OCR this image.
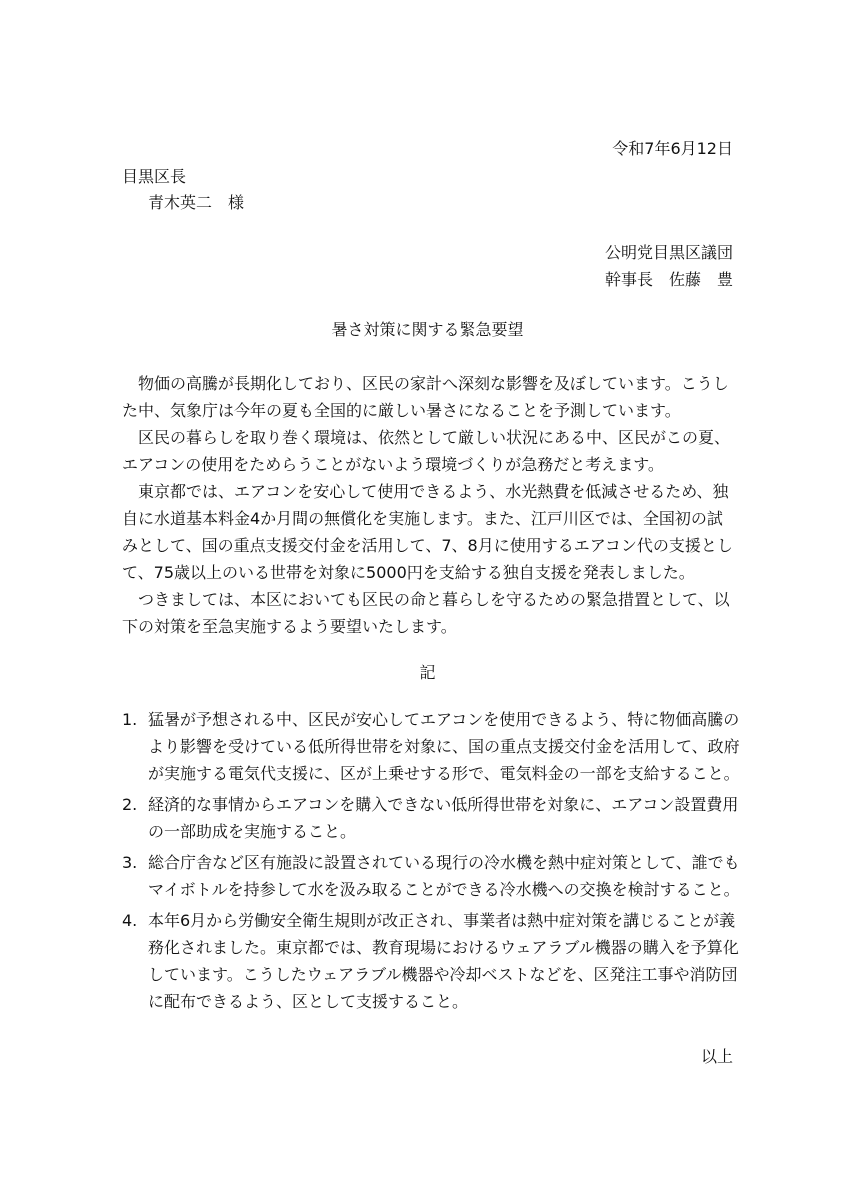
令和7年6月12日
目黒区長
青木英二　様
公明党目黒区議団
幹事長　佐藤　豊
暑さ対策に関する緊急要望

物価の高騰が長期化しており、区民の家計へ深刻な影響を及ぼしています。こうした中、気象庁は今年の夏も全国的に厳しい暑さになることを予測しています。

区民の暮らしを取り巻く環境は、依然として厳しい状況にある中、区民がこの夏、エアコンの使用をためらうことがないよう環境づくりが急務だと考えます。

東京都では、エアコンを安心して使用できるよう、水光熱費を低減させるため、独自に水道基本料金4か月間の無償化を実施します。また、江戸川区では、全国初の試みとして、国の重点支援交付金を活用して、7、8月に使用するエアコン代の支援として、75歳以上のいる世帯を対象に5000円を支給する独自支援を発表しました。

つきましては、本区においても区民の命と暮らしを守るための緊急措置として、以下の対策を至急実施するよう要望いたします。

記
1. 猛暑が予想される中、区民が安心してエアコンを使用できるよう、特に物価高騰のより影響を受けている低所得世帯を対象に、国の重点支援交付金を活用して、政府が実施する電気代支援に、区が上乗せする形で、電気料金の一部を支給すること。
2. 経済的な事情からエアコンを購入できない低所得世帯を対象に、エアコン設置費用の一部助成を実施すること。
3. 総合庁舎など区有施設に設置されている現行の冷水機を熱中症対策として、誰でもマイボトルを持参して水を汲み取ることができる冷水機への交換を検討すること。
4. 本年6月から労働安全衛生規則が改正され、事業者は熱中症対策を講じることが義務化されました。東京都では、教育現場におけるウェアラブル機器の購入を予算化しています。こうしたウェアラブル機器や冷却ベストなどを、区発注工事や消防団に配布できるよう、区として支援すること。
以上
